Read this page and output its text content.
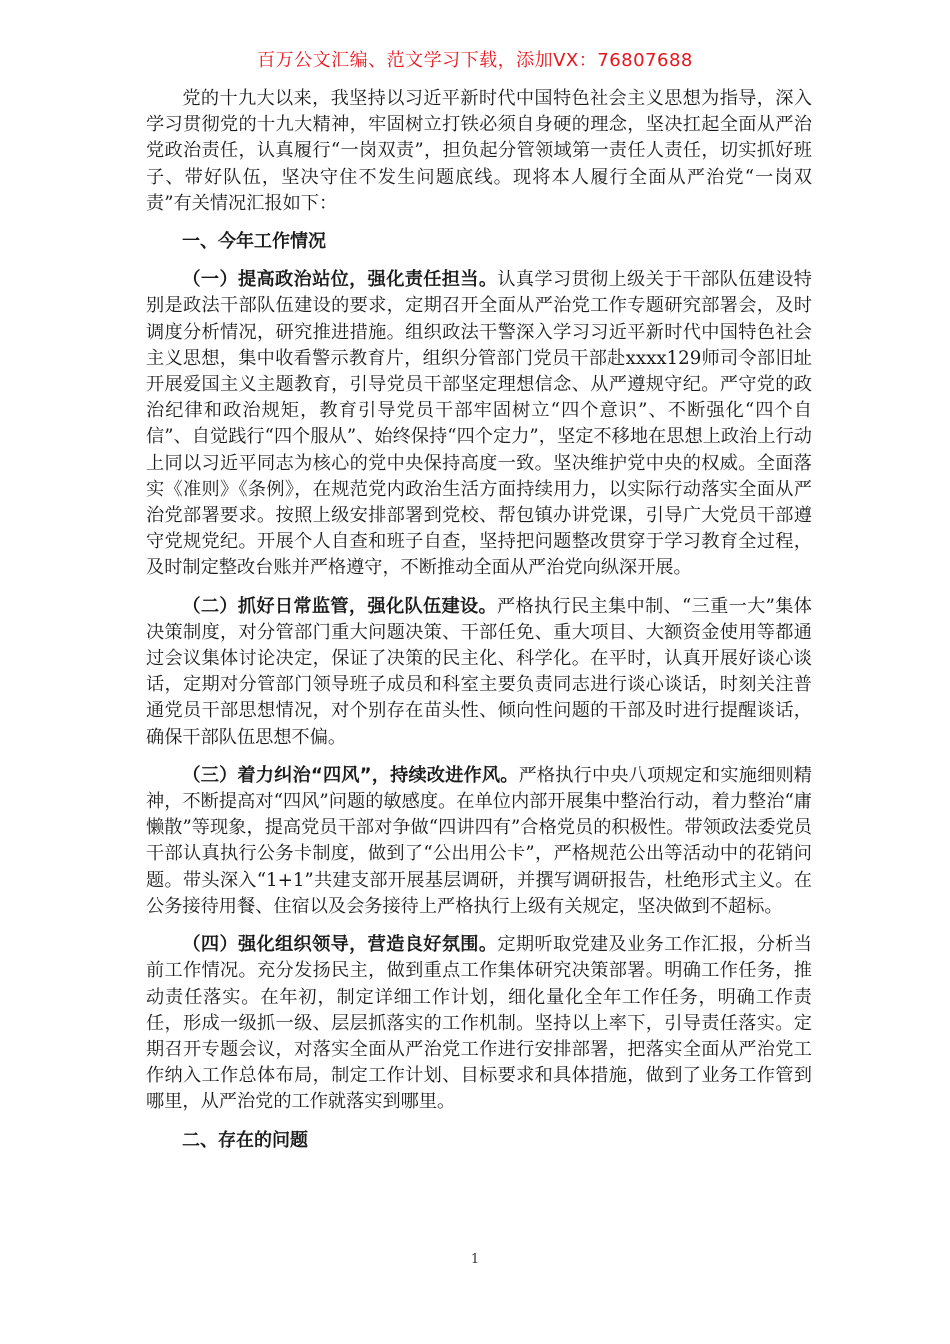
百万公文汇编、范文学习下载，添加VX：76807688

党的十九大以来，我坚持以习近平新时代中国特色社会主义思想为指导，深入学习贯彻党的十九大精神，牢固树立打铁必须自身硬的理念，坚决扛起全面从严治党政治责任，认真履行“一岗双责”，担负起分管领域第一责任人责任，切实抓好班子、带好队伍，坚决守住不发生问题底线。现将本人履行全面从严治党“一岗双责”有关情况汇报如下：

一、今年工作情况

（一）提高政治站位，强化责任担当。认真学习贯彻上级关于干部队伍建设特别是政法干部队伍建设的要求，定期召开全面从严治党工作专题研究部署会，及时调度分析情况，研究推进措施。组织政法干警深入学习习近平新时代中国特色社会主义思想，集中收看警示教育片，组织分管部门党员干部赴xxxx129师司令部旧址开展爱国主义主题教育，引导党员干部坚定理想信念、从严遵规守纪。严守党的政治纪律和政治规矩，教育引导党员干部牢固树立“四个意识”、不断强化“四个自信”、自觉践行“四个服从”、始终保持“四个定力”，坚定不移地在思想上政治上行动上同以习近平同志为核心的党中央保持高度一致。坚决维护党中央的权威。全面落实《准则》《条例》，在规范党内政治生活方面持续用力，以实际行动落实全面从严治党部署要求。按照上级安排部署到党校、帮包镇办讲党课，引导广大党员干部遵守党规党纪。开展个人自查和班子自查，坚持把问题整改贯穿于学习教育全过程，及时制定整改台账并严格遵守，不断推动全面从严治党向纵深开展。

（二）抓好日常监管，强化队伍建设。严格执行民主集中制、“三重一大”集体决策制度，对分管部门重大问题决策、干部任免、重大项目、大额资金使用等都通过会议集体讨论决定，保证了决策的民主化、科学化。在平时，认真开展好谈心谈话，定期对分管部门领导班子成员和科室主要负责同志进行谈心谈话，时刻关注普通党员干部思想情况，对个别存在苗头性、倾向性问题的干部及时进行提醒谈话，确保干部队伍思想不偏。

（三）着力纠治“四风”，持续改进作风。严格执行中央八项规定和实施细则精神，不断提高对“四风”问题的敏感度。在单位内部开展集中整治行动，着力整治“庸懒散”等现象，提高党员干部对争做“四讲四有”合格党员的积极性。带领政法委党员干部认真执行公务卡制度，做到了“公出用公卡”，严格规范公出等活动中的花销问题。带头深入“1+1”共建支部开展基层调研，并撰写调研报告，杜绝形式主义。在公务接待用餐、住宿以及会务接待上严格执行上级有关规定，坚决做到不超标。

（四）强化组织领导，营造良好氛围。定期听取党建及业务工作汇报，分析当前工作情况。充分发扬民主，做到重点工作集体研究决策部署。明确工作任务，推动责任落实。在年初，制定详细工作计划，细化量化全年工作任务，明确工作责任，形成一级抓一级、层层抓落实的工作机制。坚持以上率下，引导责任落实。定期召开专题会议，对落实全面从严治党工作进行安排部署，把落实全面从严治党工作纳入工作总体布局，制定工作计划、目标要求和具体措施，做到了业务工作管到哪里，从严治党的工作就落实到哪里。

二、存在的问题

1
